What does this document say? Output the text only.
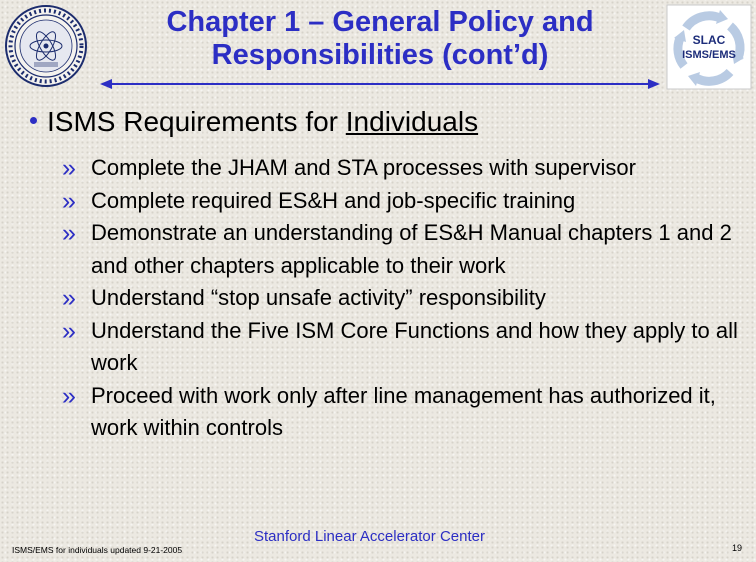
Chapter 1 – General Policy and
Responsibilities (cont’d)	SLAC
ISMS/EMS

ISMS Requirements for Individuals

» Complete the JHAM and STA processes with supervisor
» Complete required ES&H and job-specific training
» Demonstrate an understanding of ES&H Manual chapters 1 and 2 and other chapters applicable to their work
» Understand “stop unsafe activity” responsibility
» Understand the Five ISM Core Functions and how they apply to all work
» Proceed with work only after line management has authorized it, work within controls
ISMS/EMS for individuals updated 9-21-2005
Stanford Linear Accelerator Center
19
